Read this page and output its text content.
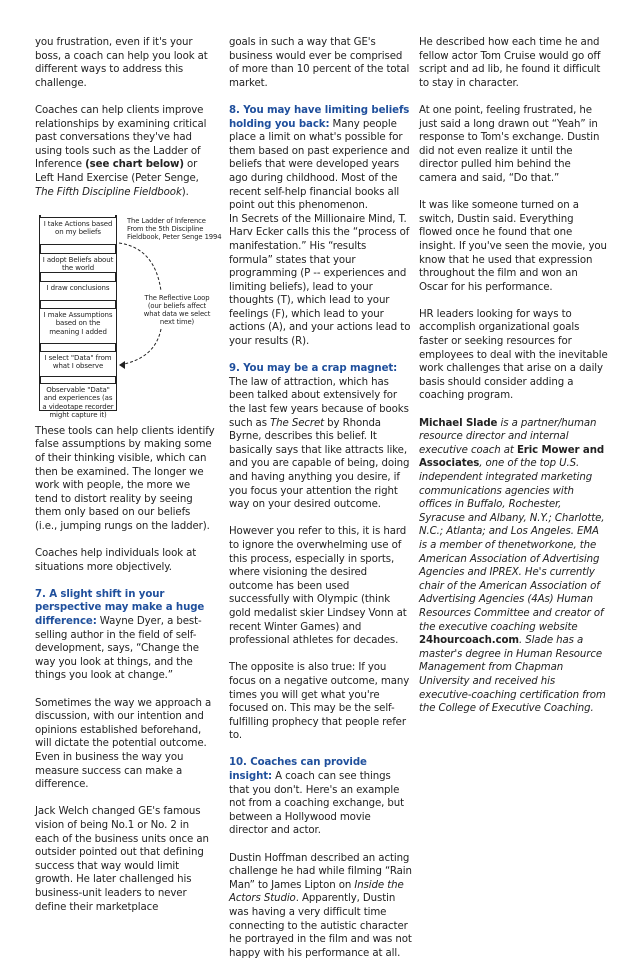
you frustration, even if it's your boss, a coach can help you look at different ways to address this challenge.

Coaches can help clients improve relationships by examining critical past conversations they've had using tools such as the Ladder of Inference (see chart below) or Left Hand Exercise (Peter Senge, The Fifth Discipline Fieldbook).

I take Actions based on my beliefs
I adopt Beliefs about the world
I draw conclusions
I make Assumptions based on the meaning I added
I select "Data" from what I observe
Observable "Data" and experiences (as a videotape recorder might capture it)
The Ladder of Inference
From the 5th Discipline Fieldbook, Peter Senge 1994
The Reflective Loop (our beliefs affect what data we select next time)

These tools can help clients identify false assumptions by making some of their thinking visible, which can then be examined. The longer we work with people, the more we tend to distort reality by seeing them only based on our beliefs (i.e., jumping rungs on the ladder).

Coaches help individuals look at situations more objectively.

7. A slight shift in your perspective may make a huge difference: Wayne Dyer, a best-selling author in the field of self-development, says, “Change the way you look at things, and the things you look at change.”

Sometimes the way we approach a discussion, with our intention and opinions established beforehand, will dictate the potential outcome. Even in business the way you measure success can make a difference.

Jack Welch changed GE's famous vision of being No.1 or No. 2 in each of the business units once an outsider pointed out that defining success that way would limit growth. He later challenged his business-unit leaders to never define their marketplace

goals in such a way that GE's business would ever be comprised of more than 10 percent of the total market.

8. You may have limiting beliefs holding you back: Many people place a limit on what's possible for them based on past experience and beliefs that were developed years ago during childhood. Most of the recent self-help financial books all point out this phenomenon.

In Secrets of the Millionaire Mind, T. Harv Ecker calls this the “process of manifestation.” His “results formula” states that your programming (P -- experiences and limiting beliefs), lead to your thoughts (T), which lead to your feelings (F), which lead to your actions (A), and your actions lead to your results (R).

9. You may be a crap magnet: The law of attraction, which has been talked about extensively for the last few years because of books such as The Secret by Rhonda Byrne, describes this belief. It basically says that like attracts like, and you are capable of being, doing and having anything you desire, if you focus your attention the right way on your desired outcome.

However you refer to this, it is hard to ignore the overwhelming use of this process, especially in sports, where visioning the desired outcome has been used successfully with Olympic (think gold medalist skier Lindsey Vonn at recent Winter Games) and professional athletes for decades.

The opposite is also true: If you focus on a negative outcome, many times you will get what you're focused on. This may be the self-fulfilling prophecy that people refer to.

10. Coaches can provide insight: A coach can see things that you don't. Here's an example not from a coaching exchange, but between a Hollywood movie director and actor.

Dustin Hoffman described an acting challenge he had while filming “Rain Man” to James Lipton on Inside the Actors Studio. Apparently, Dustin was having a very difficult time connecting to the autistic character he portrayed in the film and was not happy with his performance at all.

He described how each time he and fellow actor Tom Cruise would go off script and ad lib, he found it difficult to stay in character.

At one point, feeling frustrated, he just said a long drawn out “Yeah” in response to Tom's exchange. Dustin did not even realize it until the director pulled him behind the camera and said, “Do that.”

It was like someone turned on a switch, Dustin said. Everything flowed once he found that one insight. If you've seen the movie, you know that he used that expression throughout the film and won an Oscar for his performance.

HR leaders looking for ways to accomplish organizational goals faster or seeking resources for employees to deal with the inevitable work challenges that arise on a daily basis should consider adding a coaching program.

Michael Slade is a partner/human resource director and internal executive coach at Eric Mower and Associates, one of the top U.S. independent integrated marketing communications agencies with offices in Buffalo, Rochester, Syracuse and Albany, N.Y.; Charlotte, N.C.; Atlanta; and Los Angeles. EMA is a member of thenetworkone, the American Association of Advertising Agencies and IPREX. He's currently chair of the American Association of Advertising Agencies (4As) Human Resources Committee and creator of the executive coaching website 24hourcoach.com. Slade has a master's degree in Human Resource Management from Chapman University and received his executive-coaching certification from the College of Executive Coaching.
